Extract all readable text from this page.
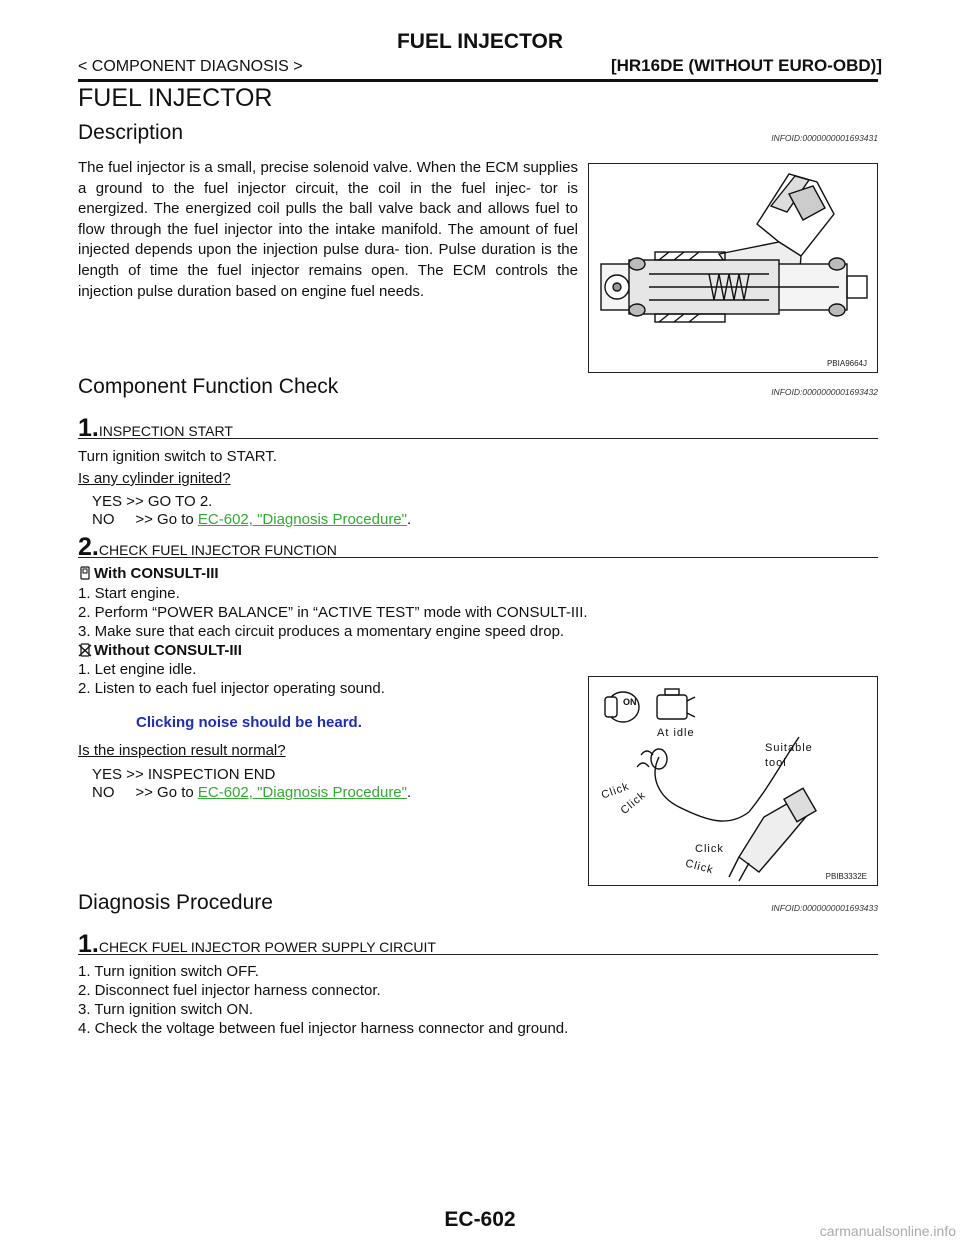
FUEL INJECTOR
< COMPONENT DIAGNOSIS >	[HR16DE (WITHOUT EURO-OBD)]
FUEL INJECTOR
Description	INFOID:0000000001693431
The fuel injector is a small, precise solenoid valve. When the ECM supplies a ground to the fuel injector circuit, the coil in the fuel injec- tor is energized. The energized coil pulls the ball valve back and allows fuel to flow through the fuel injector into the intake manifold. The amount of fuel injected depends upon the injection pulse dura- tion. Pulse duration is the length of time the fuel injector remains open. The ECM controls the injection pulse duration based on engine fuel needs.
PBIA9664J
Component Function Check	INFOID:0000000001693432
1.INSPECTION START
Turn ignition switch to START.
Is any cylinder ignited?
YES >> GO TO 2.
NO     >> Go to EC-602, "Diagnosis Procedure".
2.CHECK FUEL INJECTOR FUNCTION
With CONSULT-III
1. Start engine.
2. Perform “POWER BALANCE” in “ACTIVE TEST” mode with CONSULT-III.
3. Make sure that each circuit produces a momentary engine speed drop.
Without CONSULT-III
1. Let engine idle.
2. Listen to each fuel injector operating sound.
Clicking noise should be heard.
Is the inspection result normal?
YES >> INSPECTION END
NO     >> Go to EC-602, "Diagnosis Procedure".
ON
At idle
Suitable
tool
Click
Click
Click
Click	PBIB3332E
Diagnosis Procedure	INFOID:0000000001693433
1.CHECK FUEL INJECTOR POWER SUPPLY CIRCUIT
1. Turn ignition switch OFF.
2. Disconnect fuel injector harness connector.
3. Turn ignition switch ON.
4. Check the voltage between fuel injector harness connector and ground.
EC-602	carmanualsonline.info
